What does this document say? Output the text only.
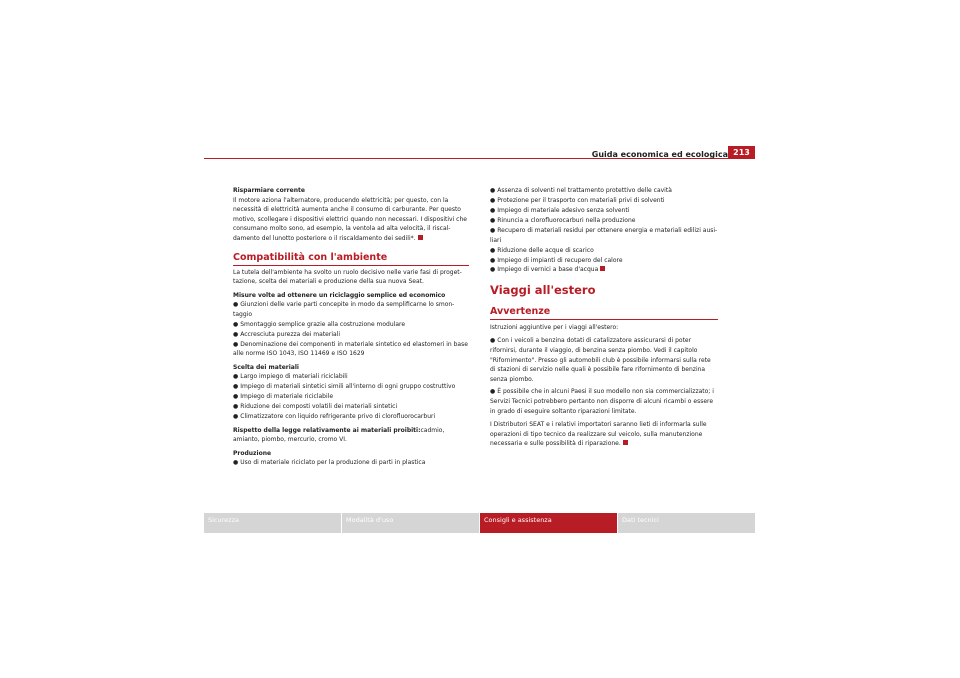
Guida economica ed ecologica 213

Risparmiare corrente

Il motore aziona l'alternatore, producendo elettricità; per questo, con la necessità di elettricità aumenta anche il consumo di carburante. Per questo motivo, scollegare i dispositivi elettrici quando non necessari. I dispositivi che consumano molto sono, ad esempio, la ventola ad alta velocità, il riscal-damento del lunotto posteriore o il riscaldamento dei sedili*.

Compatibilità con l'ambiente

La tutela dell'ambiente ha svolto un ruolo decisivo nelle varie fasi di proget-tazione, scelta dei materiali e produzione della sua nuova Seat.

Misure volte ad ottenere un riciclaggio semplice ed economico

● Giunzioni delle varie parti concepite in modo da semplificarne lo smon-taggio
● Smontaggio semplice grazie alla costruzione modulare
● Accresciuta purezza dei materiali
● Denominazione dei componenti in materiale sintetico ed elastomeri in base alle norme ISO 1043, ISO 11469 e ISO 1629

Scelta dei materiali

● Largo impiego di materiali riciclabili
● Impiego di materiali sintetici simili all'interno di ogni gruppo costruttivo
● Impiego di materiale riciclabile
● Riduzione dei composti volatili dei materiali sintetici
● Climatizzatore con liquido refrigerante privo di clorofluorocarburi

Rispetto della legge relativamente ai materiali proibiti:cadmio, amianto, piombo, mercurio, cromo VI.

Produzione

● Uso di materiale riciclato per la produzione di parti in plastica
● Assenza di solventi nel trattamento protettivo delle cavità
● Protezione per il trasporto con materiali privi di solventi
● Impiego di materiale adesivo senza solventi
● Rinuncia a clorofluorocarburi nella produzione
● Recupero di materiali residui per ottenere energia e materiali edilizi ausi-liari
● Riduzione delle acque di scarico
● Impiego di impianti di recupero del calore
● Impiego di vernici a base d'acqua
Viaggi all'estero
Avvertenze

Istruzioni aggiuntive per i viaggi all'estero:

● Con i veicoli a benzina dotati di catalizzatore assicurarsi di poter rifornirsi, durante il viaggio, di benzina senza piombo. Vedi il capitolo "Rifornimento". Presso gli automobili club è possibile informarsi sulla rete di stazioni di servizio nelle quali è possibile fare rifornimento di benzina senza piombo.
● È possibile che in alcuni Paesi il suo modello non sia commercializzato; i Servizi Tecnici potrebbero pertanto non disporre di alcuni ricambi o essere in grado di eseguire soltanto riparazioni limitate.

I Distributori SEAT e i relativi importatori saranno lieti di informarla sulle operazioni di tipo tecnico da realizzare sul veicolo, sulla manutenzione necessaria e sulle possibilità di riparazione.

Sicurezza	Modalità d'uso	Consigli e assistenza	Dati tecnici
